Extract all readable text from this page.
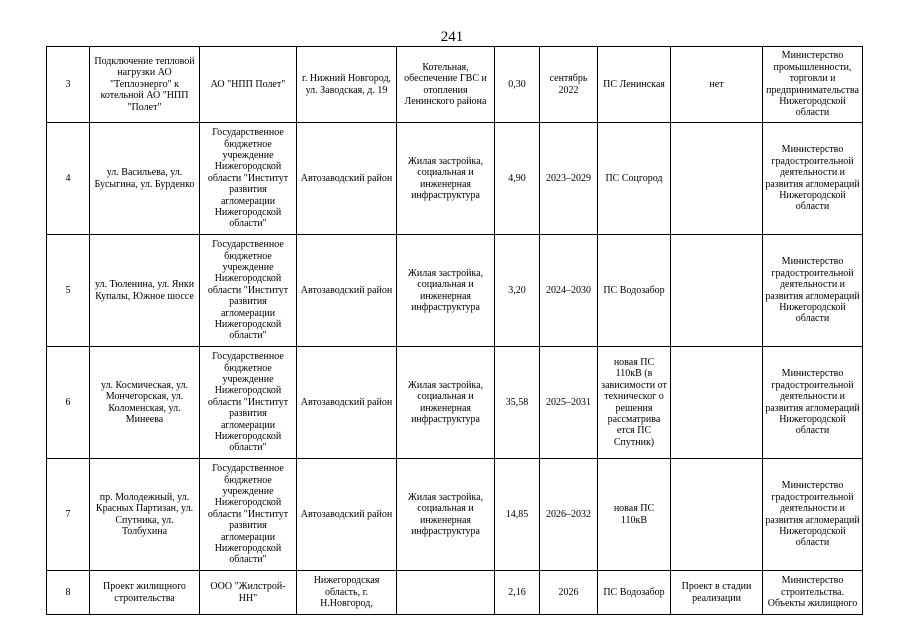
241
3	Подключение тепловой нагрузки АО "Теплоэнерго" к котельной АО "НПП "Полет"	АО "НПП Полет"	г. Нижний Новгород, ул. Заводская, д. 19	Котельная, обеспечение ГВС и отопления Ленинского района	0,30	сентябрь 2022	ПС Ленинская	нет	Министерство промышленности, торговли и предпринимательства Нижегородской области
4	ул. Васильева, ул. Бусыгина, ул. Бурденко	Государственное бюджетное учреждение Нижегородской области "Институт развития агломерации Нижегородской области"	Автозаводский район	Жилая застройка, социальная и инженерная инфраструктура	4,90	2023–2029	ПС Соцгород		Министерство градостроительной деятельности и развития агломераций Нижегородской области
5	ул. Тюленина, ул. Янки Купалы, Южное шоссе	Государственное бюджетное учреждение Нижегородской области "Институт развития агломерации Нижегородской области"	Автозаводский район	Жилая застройка, социальная и инженерная инфраструктура	3,20	2024–2030	ПС Водозабор		Министерство градостроительной деятельности и развития агломераций Нижегородской области
6	ул. Космическая, ул. Мончегорская, ул. Коломенская, ул. Минеева	Государственное бюджетное учреждение Нижегородской области "Институт развития агломерации Нижегородской области"	Автозаводский район	Жилая застройка, социальная и инженерная инфраструктура	35,58	2025–2031	новая ПС 110кВ (в зависимости от техническог о решения рассматрива ется ПС Спутник)		Министерство градостроительной деятельности и развития агломераций Нижегородской области
7	пр. Молодежный, ул. Красных Партизан, ул. Спутника, ул. Толбухина	Государственное бюджетное учреждение Нижегородской области "Институт развития агломерации Нижегородской области"	Автозаводский район	Жилая застройка, социальная и инженерная инфраструктура	14,85	2026–2032	новая ПС 110кВ		Министерство градостроительной деятельности и развития агломераций Нижегородской области
8	Проект жилищного строительства	ООО "Жилстрой-НН"	Нижегородская область, г. Н.Новгород,		2,16	2026	ПС Водозабор	Проект в стадии реализации	Министерство строительства. Объекты жилищного
